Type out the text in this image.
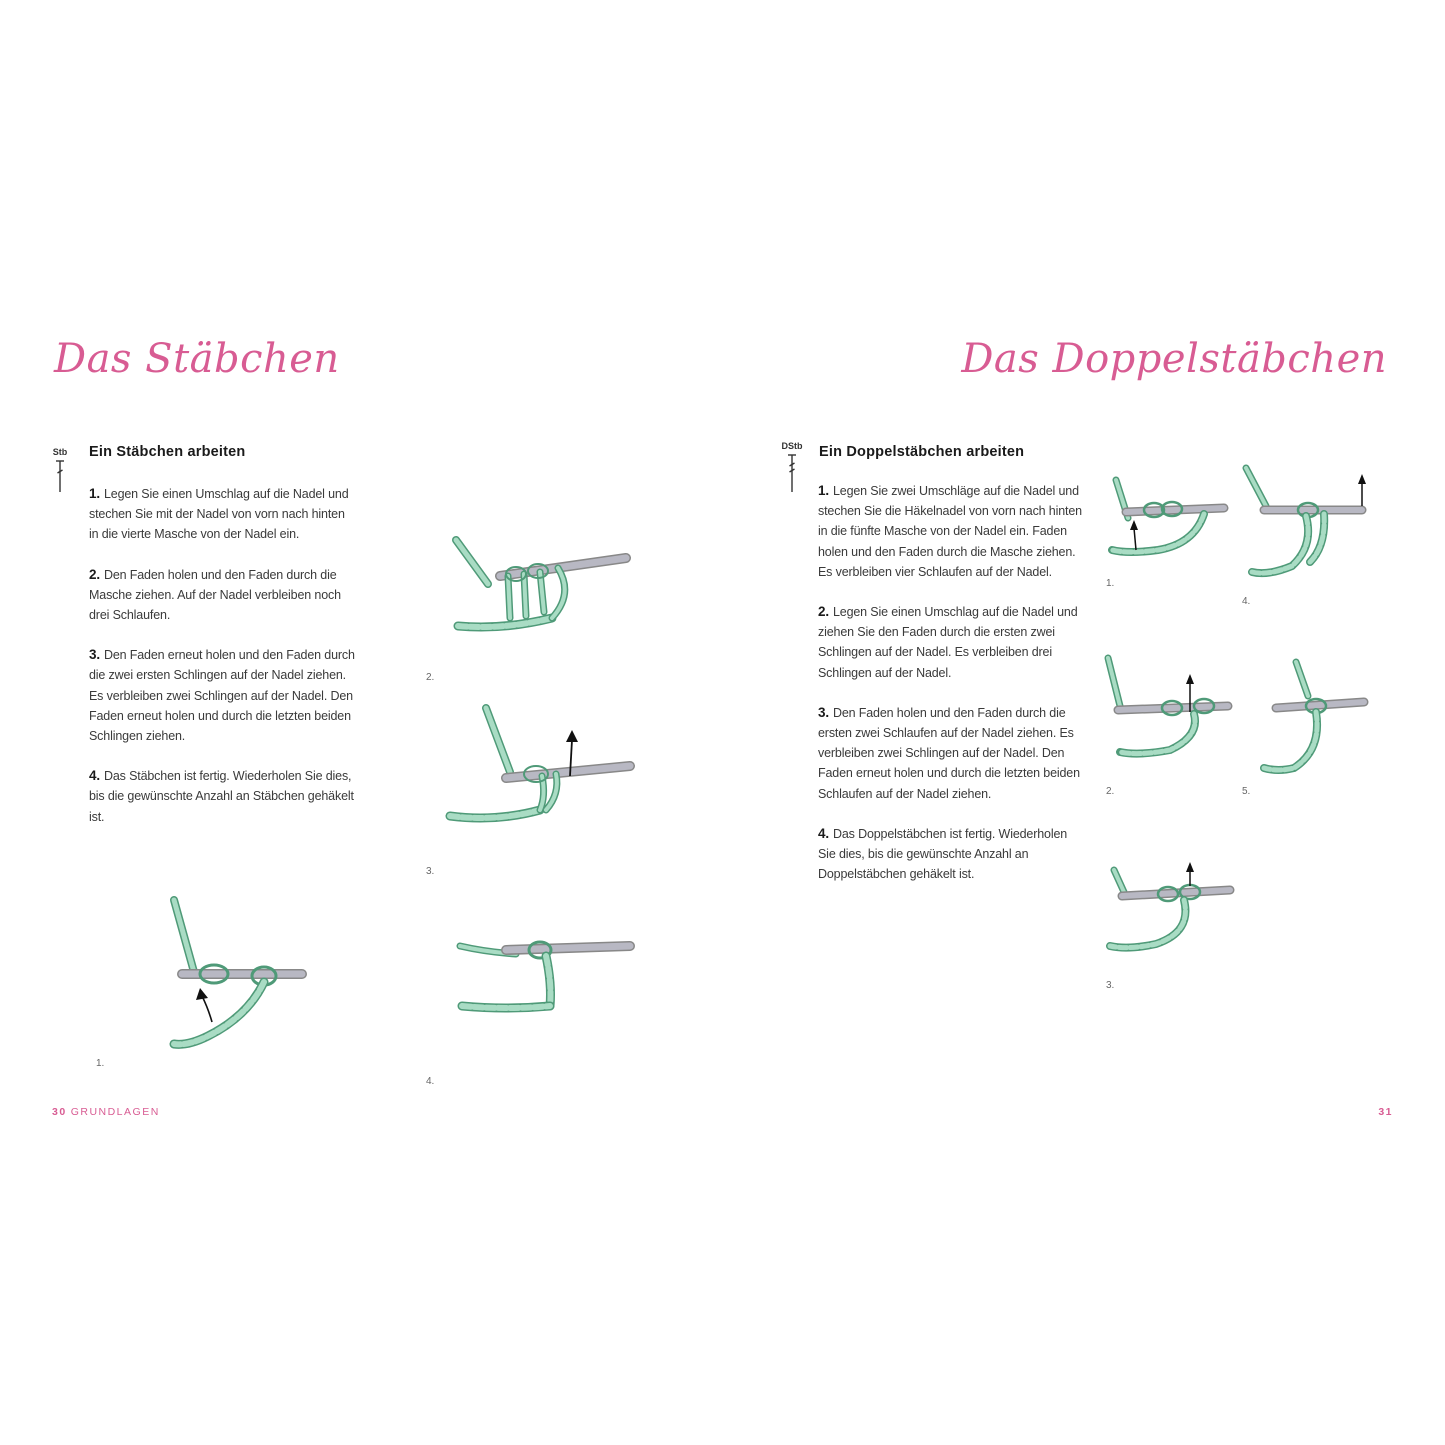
Das Stäbchen
Stb	Ein Stäbchen arbeiten

1. Legen Sie einen Umschlag auf die Nadel und stechen Sie mit der Nadel von vorn nach hinten in die vierte Masche von der Nadel ein.

2. Den Faden holen und den Faden durch die Masche ziehen. Auf der Nadel verbleiben noch drei Schlaufen.

3. Den Faden erneut holen und den Faden durch die zwei ersten Schlingen auf der Nadel ziehen. Es verbleiben zwei Schlingen auf der Nadel. Den Faden erneut holen und durch die letzten beiden Schlingen ziehen.

4. Das Stäbchen ist fertig. Wiederholen Sie dies, bis die gewünschte Anzahl an Stäbchen gehäkelt ist.

2.
3.
1.
4.
30 GRUNDLAGEN
Das Doppelstäbchen
DStb Ein Doppelstäbchen arbeiten

1. Legen Sie zwei Umschläge auf die Nadel und stechen Sie die Häkelnadel von vorn nach hinten in die fünfte Masche von der Nadel ein. Faden holen und den Faden durch die Masche ziehen. Es verbleiben vier Schlaufen auf der Nadel.

2. Legen Sie einen Umschlag auf die Nadel und ziehen Sie den Faden durch die ersten zwei Schlingen auf der Nadel. Es verbleiben drei Schlingen auf der Nadel.

3. Den Faden holen und den Faden durch die ersten zwei Schlaufen auf der Nadel ziehen. Es verbleiben zwei Schlingen auf der Nadel. Den Faden erneut holen und durch die letzten beiden Schlaufen auf der Nadel ziehen.

4. Das Doppelstäbchen ist fertig. Wiederholen Sie dies, bis die gewünschte Anzahl an Doppelstäbchen gehäkelt ist.

1.
4.
2.	5.
3.
31
